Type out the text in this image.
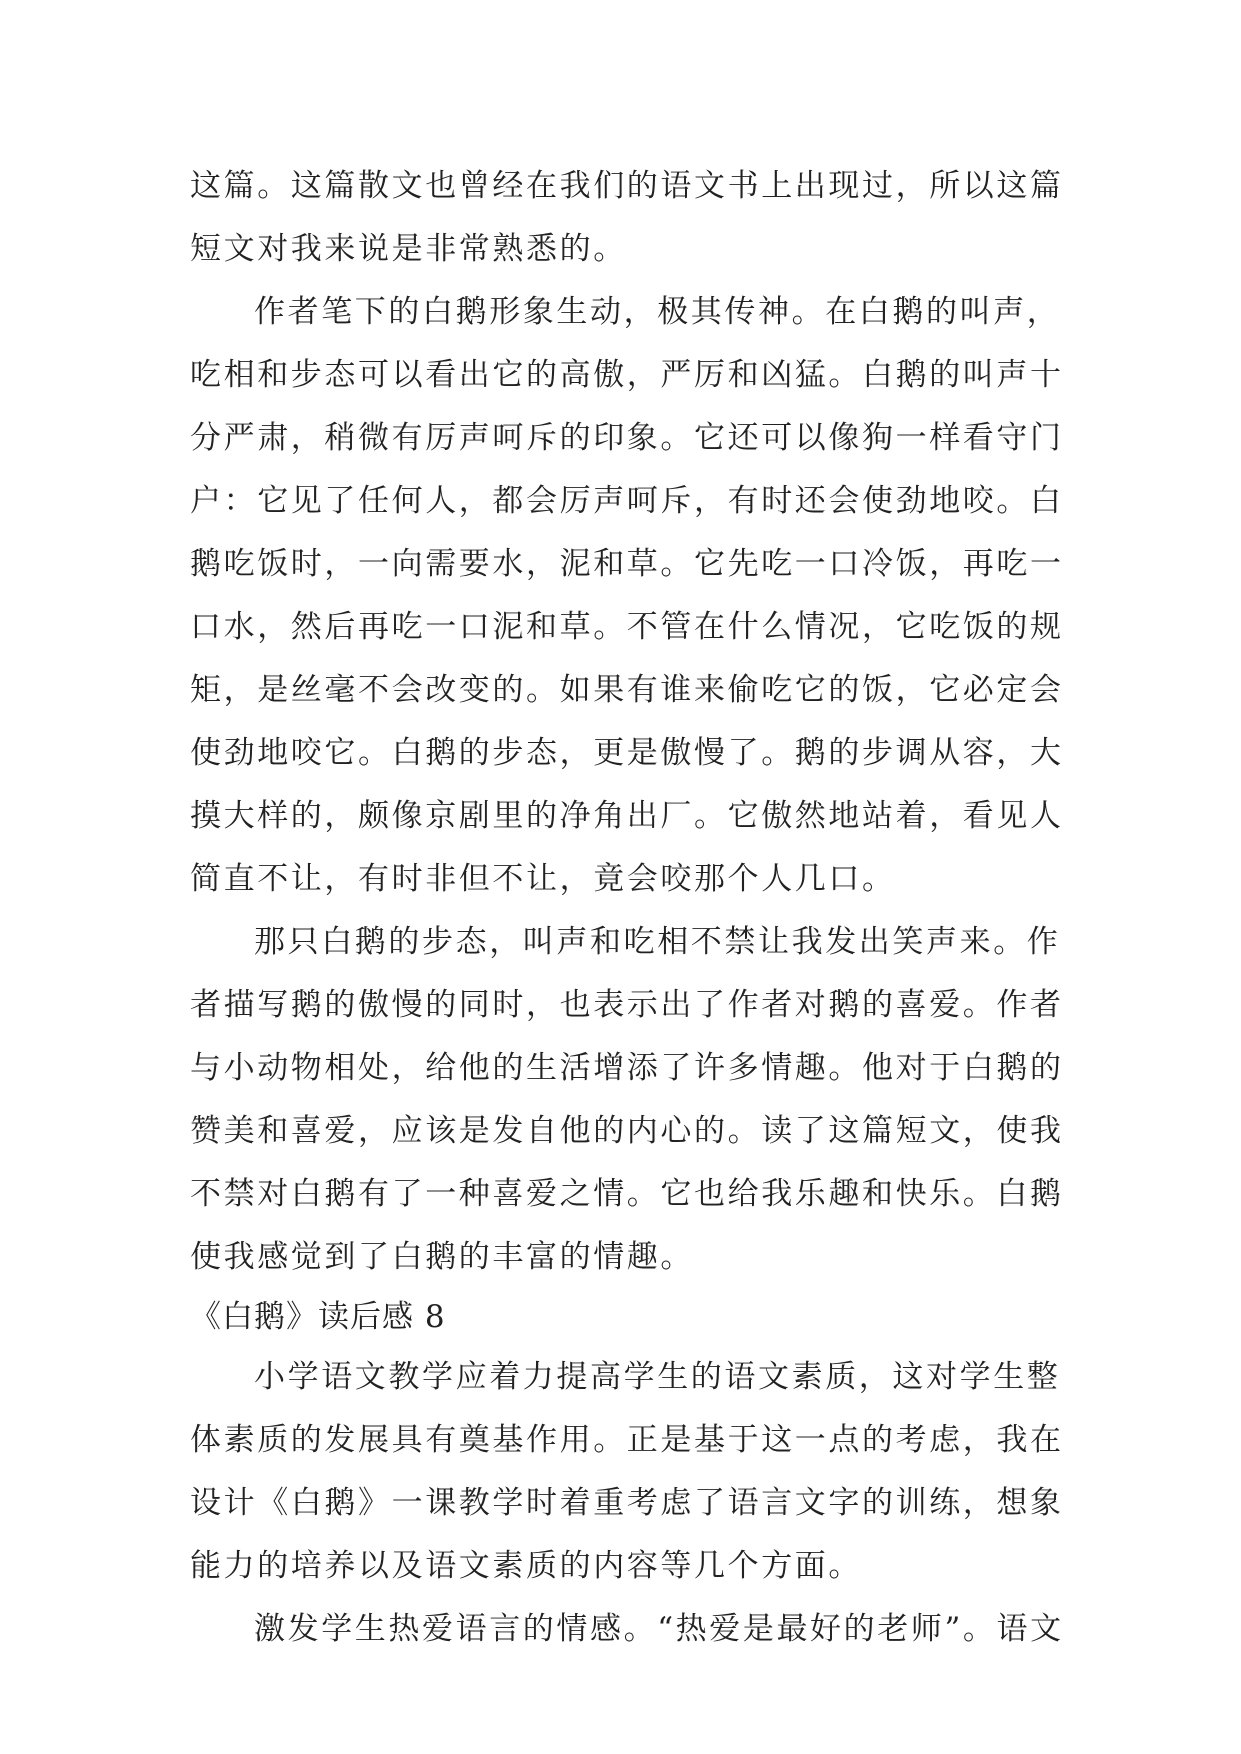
这篇。这篇散文也曾经在我们的语文书上出现过，所以这篇
短文对我来说是非常熟悉的。
作者笔下的白鹅形象生动，极其传神。在白鹅的叫声，
吃相和步态可以看出它的高傲，严厉和凶猛。白鹅的叫声十
分严肃，稍微有厉声呵斥的印象。它还可以像狗一样看守门
户：它见了任何人，都会厉声呵斥，有时还会使劲地咬。白
鹅吃饭时，一向需要水，泥和草。它先吃一口冷饭，再吃一
口水，然后再吃一口泥和草。不管在什么情况，它吃饭的规
矩，是丝毫不会改变的。如果有谁来偷吃它的饭，它必定会
使劲地咬它。白鹅的步态，更是傲慢了。鹅的步调从容，大
摸大样的，颇像京剧里的净角出厂。它傲然地站着，看见人
简直不让，有时非但不让，竟会咬那个人几口。
那只白鹅的步态，叫声和吃相不禁让我发出笑声来。作
者描写鹅的傲慢的同时，也表示出了作者对鹅的喜爱。作者
与小动物相处，给他的生活增添了许多情趣。他对于白鹅的
赞美和喜爱，应该是发自他的内心的。读了这篇短文，使我
不禁对白鹅有了一种喜爱之情。它也给我乐趣和快乐。白鹅
使我感觉到了白鹅的丰富的情趣。
《白鹅》读后感 8
小学语文教学应着力提高学生的语文素质，这对学生整
体素质的发展具有奠基作用。正是基于这一点的考虑，我在
设计《白鹅》一课教学时着重考虑了语言文字的训练，想象
能力的培养以及语文素质的内容等几个方面。
激发学生热爱语言的情感。“热爱是最好的老师”。语文
